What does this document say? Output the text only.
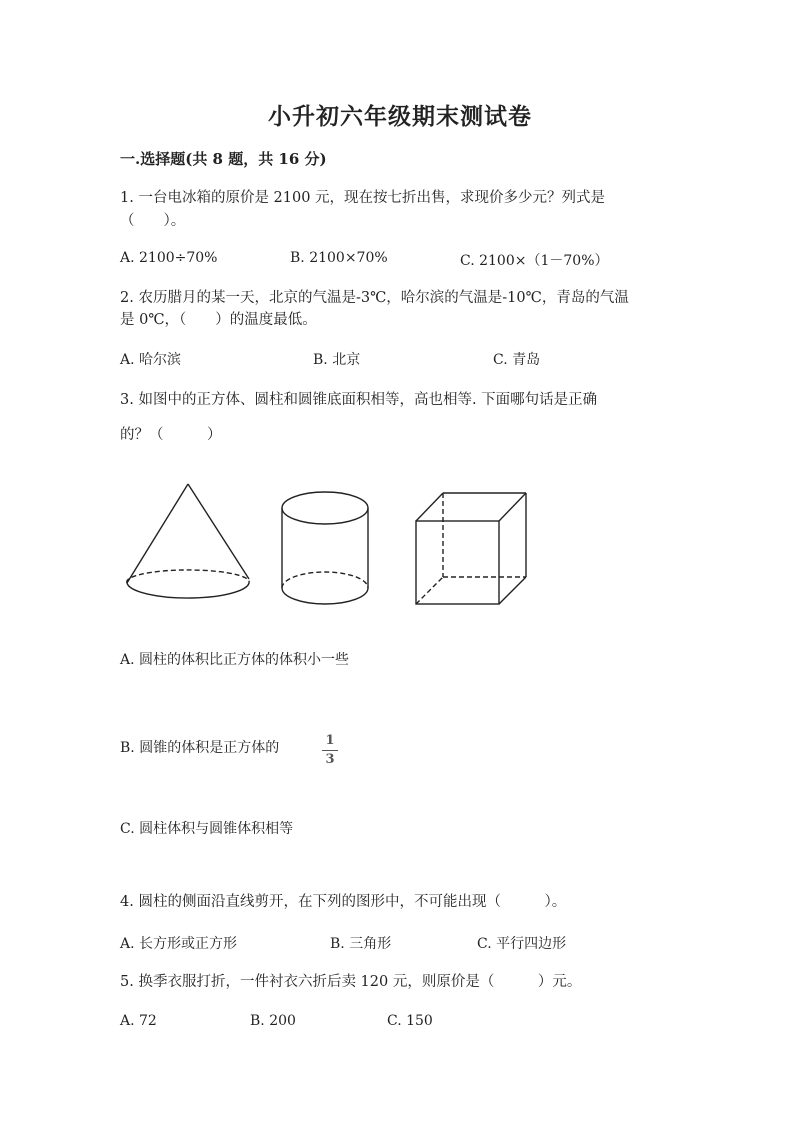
小升初六年级期末测试卷
一.选择题(共 8 题，共 16 分)
1. 一台电冰箱的原价是 2100 元，现在按七折出售，求现价多少元？列式是
（　　）。
A. 2100÷70%	B. 2100×70%	C. 2100×（1－70%）
2. 农历腊月的某一天，北京的气温是-3℃，哈尔滨的气温是-10℃，青岛的气温
是 0℃，（　　）的温度最低。
A. 哈尔滨	B. 北京	C. 青岛
3. 如图中的正方体、圆柱和圆锥底面积相等，高也相等. 下面哪句话是正确
的？（　　　）
A. 圆柱的体积比正方体的体积小一些
B. 圆锥的体积是正方体的	1
3
C. 圆柱体积与圆锥体积相等
4. 圆柱的侧面沿直线剪开，在下列的图形中，不可能出现（　　　）。
A. 长方形或正方形	B. 三角形	C. 平行四边形
5. 换季衣服打折，一件衬衣六折后卖 120 元，则原价是（　　　）元。
A. 72	B. 200	C. 150
